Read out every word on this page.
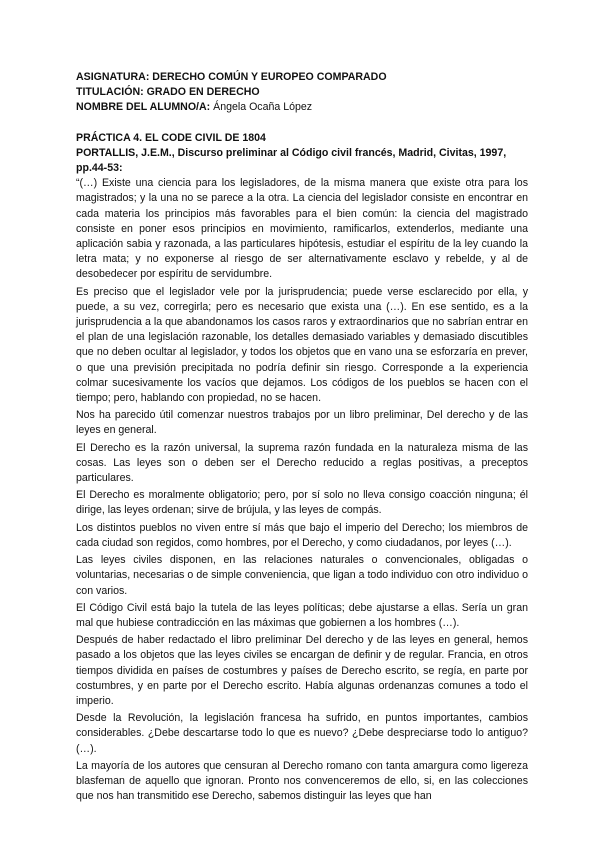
ASIGNATURA: DERECHO COMÚN Y EUROPEO COMPARADO

TITULACIÓN: GRADO EN DERECHO

NOMBRE DEL ALUMNO/A: Ángela Ocaña López

PRÁCTICA 4. EL CODE CIVIL DE 1804

PORTALLIS, J.E.M., Discurso preliminar al Código civil francés, Madrid, Civitas, 1997, pp.44-53:

“(…) Existe una ciencia para los legisladores, de la misma manera que existe otra para los magistrados; y la una no se parece a la otra. La ciencia del legislador consiste en encontrar en cada materia los principios más favorables para el bien común: la ciencia del magistrado consiste en poner esos principios en movimiento, ramificarlos, extenderlos, mediante una aplicación sabia y razonada, a las particulares hipótesis, estudiar el espíritu de la ley cuando la letra mata; y no exponerse al riesgo de ser alternativamente esclavo y rebelde, y al de desobedecer por espíritu de servidumbre.

Es preciso que el legislador vele por la jurisprudencia; puede verse esclarecido por ella, y puede, a su vez, corregirla; pero es necesario que exista una (…). En ese sentido, es a la jurisprudencia a la que abandonamos los casos raros y extraordinarios que no sabrían entrar en el plan de una legislación razonable, los detalles demasiado variables y demasiado discutibles que no deben ocultar al legislador, y todos los objetos que en vano una se esforzaría en prever, o que una previsión precipitada no podría definir sin riesgo. Corresponde a la experiencia colmar sucesivamente los vacíos que dejamos. Los códigos de los pueblos se hacen con el tiempo; pero, hablando con propiedad, no se hacen.

Nos ha parecido útil comenzar nuestros trabajos por un libro preliminar, Del derecho y de las leyes en general.

El Derecho es la razón universal, la suprema razón fundada en la naturaleza misma de las cosas. Las leyes son o deben ser el Derecho reducido a reglas positivas, a preceptos particulares.

El Derecho es moralmente obligatorio; pero, por sí solo no lleva consigo coacción ninguna; él dirige, las leyes ordenan; sirve de brújula, y las leyes de compás.

Los distintos pueblos no viven entre sí más que bajo el imperio del Derecho; los miembros de cada ciudad son regidos, como hombres, por el Derecho, y como ciudadanos, por leyes (…).

Las leyes civiles disponen, en las relaciones naturales o convencionales, obligadas o voluntarias, necesarias o de simple conveniencia, que ligan a todo individuo con otro individuo o con varios.

El Código Civil está bajo la tutela de las leyes políticas; debe ajustarse a ellas. Sería un gran mal que hubiese contradicción en las máximas que gobiernen a los hombres (…).

Después de haber redactado el libro preliminar Del derecho y de las leyes en general, hemos pasado a los objetos que las leyes civiles se encargan de definir y de regular. Francia, en otros tiempos dividida en países de costumbres y países de Derecho escrito, se regía, en parte por costumbres, y en parte por el Derecho escrito. Había algunas ordenanzas comunes a todo el imperio.

Desde la Revolución, la legislación francesa ha sufrido, en puntos importantes, cambios considerables. ¿Debe descartarse todo lo que es nuevo? ¿Debe despreciarse todo lo antiguo? (…).

La mayoría de los autores que censuran al Derecho romano con tanta amargura como ligereza blasfeman de aquello que ignoran. Pronto nos convenceremos de ello, si, en las colecciones que nos han transmitido ese Derecho, sabemos distinguir las leyes que han
